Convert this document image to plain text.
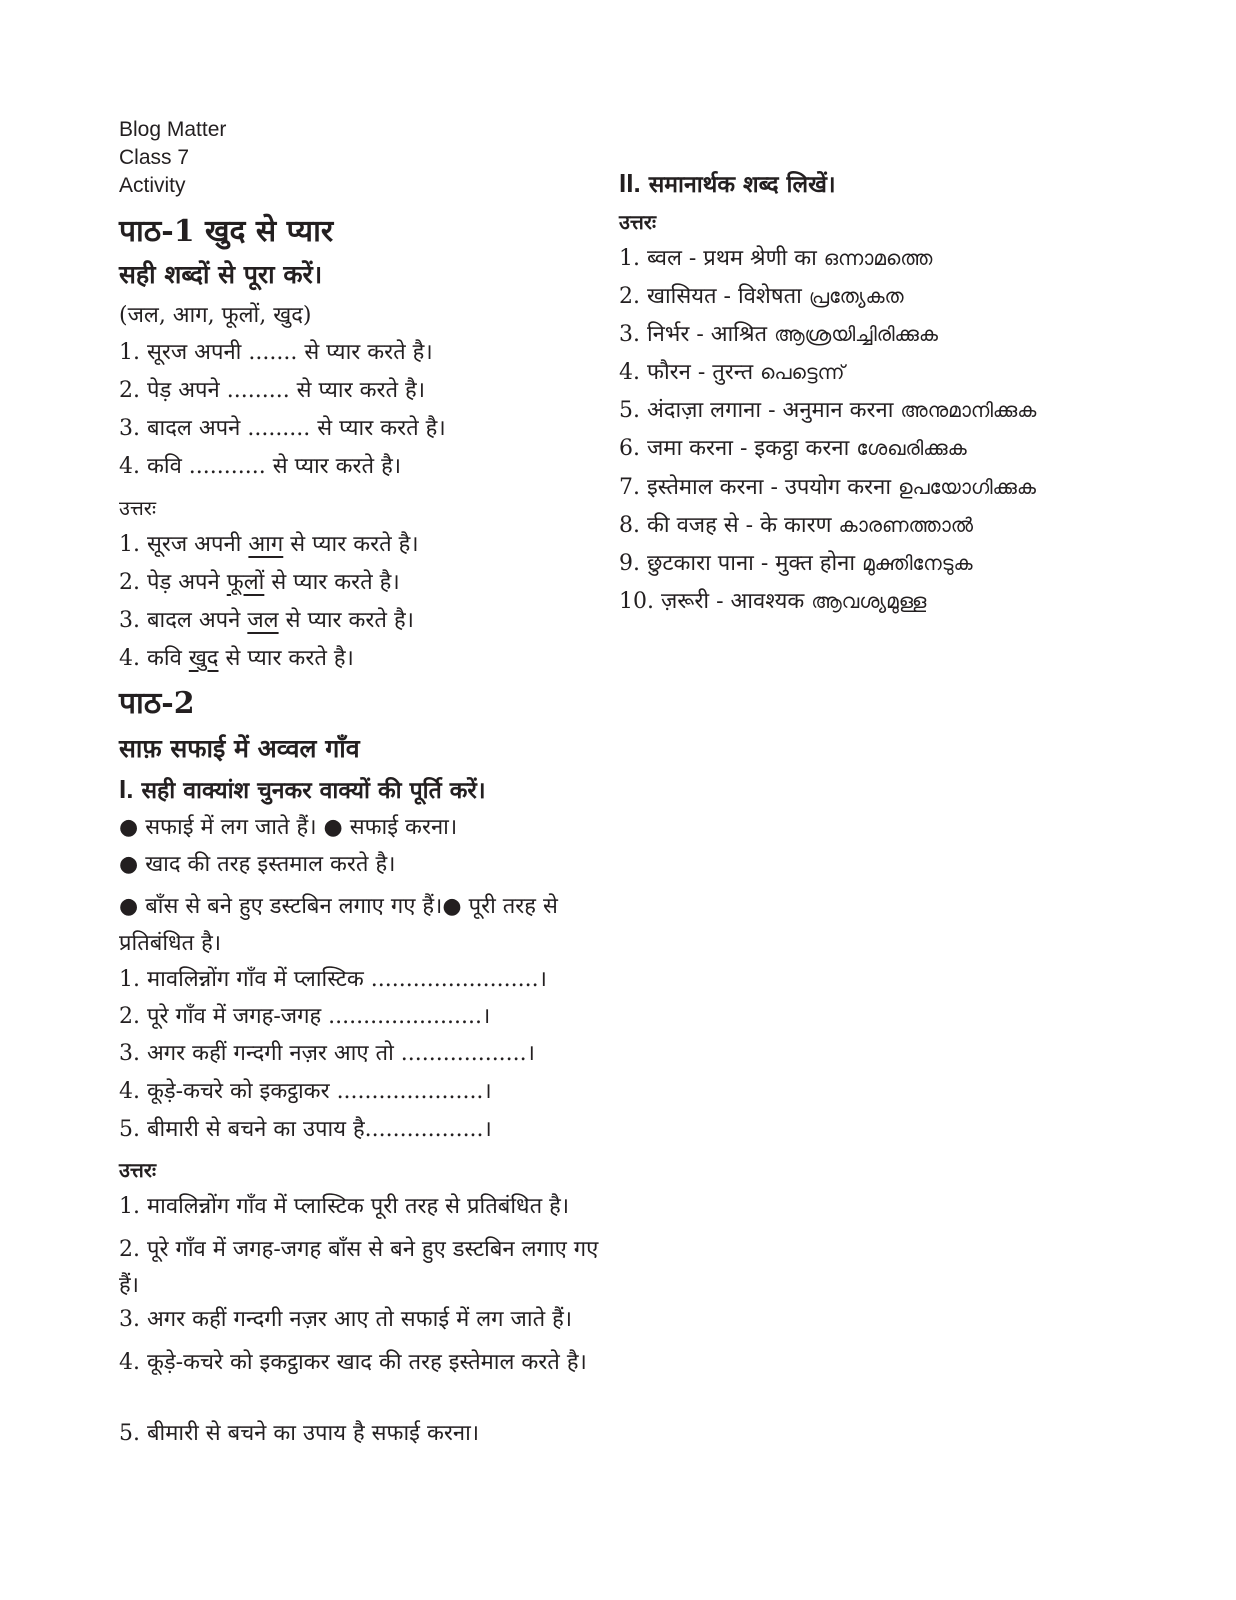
Blog Matter
Class 7
Activity
पाठ-1 खुद से प्यार
सही शब्दों से पूरा करें।
(जल, आग, फूलों, खुद)
1. सूरज अपनी ....... से प्यार करते है।
2. पेड़ अपने ......... से प्यार करते है।
3. बादल अपने ......... से प्यार करते है।
4. कवि ........... से प्यार करते है।
उत्तरः
1. सूरज अपनी आग से प्यार करते है।
2. पेड़ अपने फूलों से प्यार करते है।
3. बादल अपने जल से प्यार करते है।
4. कवि खुद से प्यार करते है।
पाठ-2
साफ़ सफाई में अव्वल गाँव
I. सही वाक्यांश चुनकर वाक्यों की पूर्ति करें।
● सफाई में लग जाते हैं। ● सफाई करना।
● खाद की तरह इस्तमाल करते है।
● बाँस से बने हुए डस्टबिन लगाए गए हैं।● पूरी तरह से प्रतिबंधित है।
1. मावलिन्नोंग गाँव में प्लास्टिक ........................।
2. पूरे गाँव में जगह-जगह ......................।
3. अगर कहीं गन्दगी नज़र आए तो ..................।
4. कूड़े-कचरे को इकट्ठाकर .....................।
5. बीमारी से बचने का उपाय है.................।
उत्तरः
1. मावलिन्नोंग गाँव में प्लास्टिक पूरी तरह से प्रतिबंधित है।
2. पूरे गाँव में जगह-जगह बाँस से बने हुए डस्टबिन लगाए गए हैं।
3. अगर कहीं गन्दगी नज़र आए तो सफाई में लग जाते हैं।
4. कूड़े-कचरे को इकट्ठाकर खाद की तरह इस्तेमाल करते है।
5. बीमारी से बचने का उपाय है सफाई करना।
II. समानार्थक शब्द लिखें।
उत्तरः
1. ब्वल - प्रथम श्रेणी का ഒന്നാമത്തെ
2. खासियत - विशेषता പ്രത്യേകത
3. निर्भर - आश्रित ആശ്രയിച്ചിരിക്കുക
4. फौरन - तुरन्त പെട്ടെന്ന്
5. अंदाज़ा लगाना - अनुमान करना അനുമാനിക്കുക
6. जमा करना - इकट्ठा करना ശേഖരിക്കുക
7. इस्तेमाल करना - उपयोग करना ഉപയോഗിക്കുക
8. की वजह से - के कारण കാരണത്താൽ
9. छुटकारा पाना - मुक्त होना മുക്തിനേടുക
10. ज़रूरी - आवश्यक ആവശ്യമുള്ള
